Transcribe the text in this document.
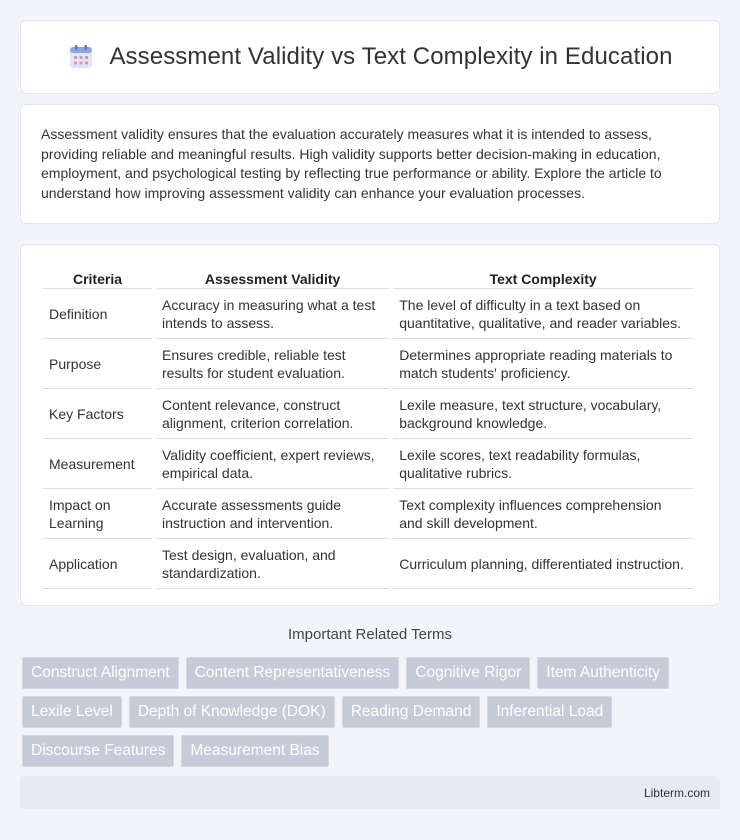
Assessment Validity vs Text Complexity in Education

Assessment validity ensures that the evaluation accurately measures what it is intended to assess, providing reliable and meaningful results. High validity supports better decision-making in education, employment, and psychological testing by reflecting true performance or ability. Explore the article to understand how improving assessment validity can enhance your evaluation processes.

Criteria	Assessment Validity	Text Complexity
Definition	Accuracy in measuring what a test intends to assess.	The level of difficulty in a text based on quantitative, qualitative, and reader variables.
Purpose	Ensures credible, reliable test results for student evaluation.	Determines appropriate reading materials to match students' proficiency.
Key Factors	Content relevance, construct alignment, criterion correlation.	Lexile measure, text structure, vocabulary, background knowledge.
Measurement	Validity coefficient, expert reviews, empirical data.	Lexile scores, text readability formulas, qualitative rubrics.
Impact on Learning	Accurate assessments guide instruction and intervention.	Text complexity influences comprehension and skill development.
Application	Test design, evaluation, and standardization.	Curriculum planning, differentiated instruction.
Important Related Terms
Construct Alignment	Content Representativeness	Cognitive Rigor	Item Authenticity
Lexile Level	Depth of Knowledge (DOK)	Reading Demand	Inferential Load
Discourse Features	Measurement Bias
Libterm.com
